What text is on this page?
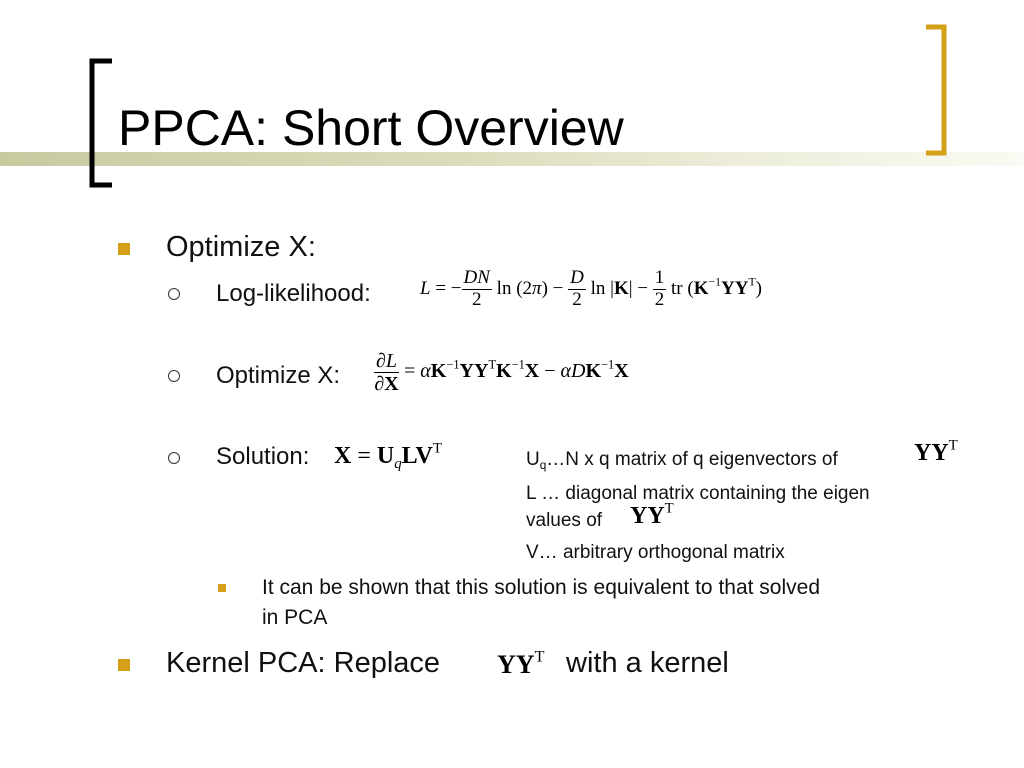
PPCA: Short Overview
Optimize X:
Log-likelihood:	L = − $\frac{DN}{2}$ $\ln (2\pi) - \frac{D}{2}$ $\ln |K| - \frac{1}{2}$ tr $(K^{-1}YY^T)$
Optimize X: $\frac{\partial L}{\partial X} = \alpha K^{-1}YY^TK^{-1}X - \alpha DK^{-1}X$
Solution: $X = U_qLV^T$
$U_q\dots N$ x q matrix of q eigenvectors of	$YY^T$
L … diagonal matrix containing the eigen
values of $YY^T$
V… arbitrary orthogonal matrix
It can be shown that this solution is equivalent to that solved
in PCA
Kernel PCA: Replace $YY^T$ with a kernel
